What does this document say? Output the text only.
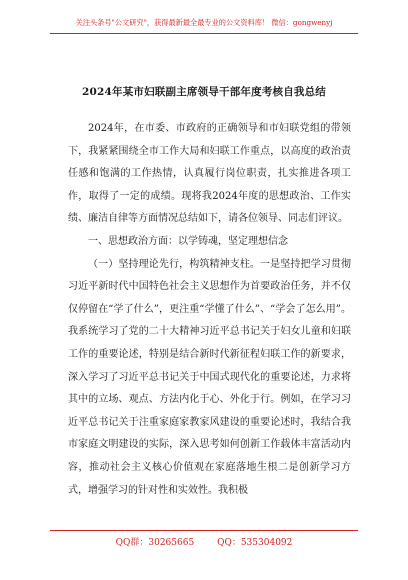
关注头条号"公文研究"，获得最新最全最专业的公文资料库！ 微信：gongwenyj
2024年某市妇联副主席领导干部年度考核自我总结

2024年，在市委、市政府的正确领导和市妇联党组的带领下，我紧紧围绕全市工作大局和妇联工作重点，以高度的政治责任感和饱满的工作热情，认真履行岗位职责，扎实推进各项工作，取得了一定的成绩。现将我2024年度的思想政治、工作实绩、廉洁自律等方面情况总结如下，请各位领导、同志们评议。

一、思想政治方面：以学铸魂，坚定理想信念

（一）坚持理论先行，构筑精神支柱。一是坚持把学习贯彻习近平新时代中国特色社会主义思想作为首要政治任务，并不仅仅停留在“学了什么”，更注重“学懂了什么”、“学会了怎么用”。我系统学习了党的二十大精神习近平总书记关于妇女儿童和妇联工作的重要论述，特别是结合新时代新征程妇联工作的新要求，深入学习了习近平总书记关于中国式现代化的重要论述，力求将其中的立场、观点、方法内化于心、外化于行。例如，在学习习近平总书记关于注重家庭家教家风建设的重要论述时，我结合我市家庭文明建设的实际，深入思考如何创新工作载体丰富活动内容，推动社会主义核心价值观在家庭落地生根二是创新学习方式，增强学习的针对性和实效性。我积极

QQ群：30265665	QQ：535304092
